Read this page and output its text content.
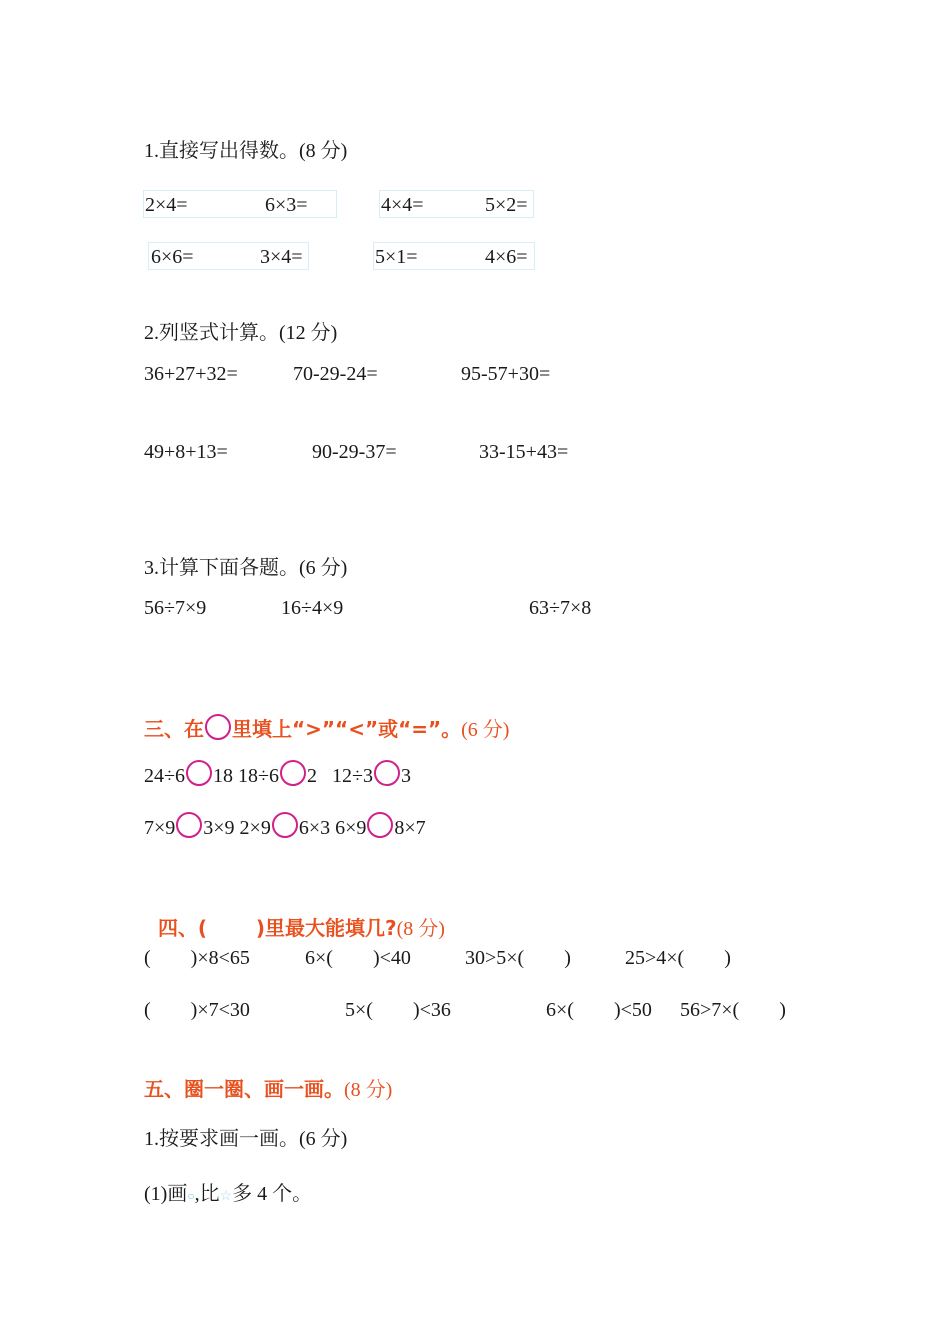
1.直接写出得数。(8 分)
2×4=	6×3=	4×4=	5×2=
6×6=	3×4=	5×1=	4×6=
2.列竖式计算。(12 分)
36+27+32=	70-29-24=	95-57+30=
49+8+13=	90-29-37=	33-15+43=
3.计算下面各题。(6 分)
56÷7×9	16÷4×9	63÷7×8
三、在 里填上“>”“<”或“=”。(6 分)
24÷6 18 18÷6 2   12÷3 3
7×9 3×9 2×9 6×3 6×9 8×7

四、(       )里最大能填几?(8 分)

(        )×8<65	6×(        )<40	30>5×(        )	25>4×(        )
(        )×7<30	5×(        )<36	6×(        )<50 56>7×(        )
五、圈一圈、画一画。(8 分)
1.按要求画一画。(6 分)
(1)画○,比☆多 4 个。
